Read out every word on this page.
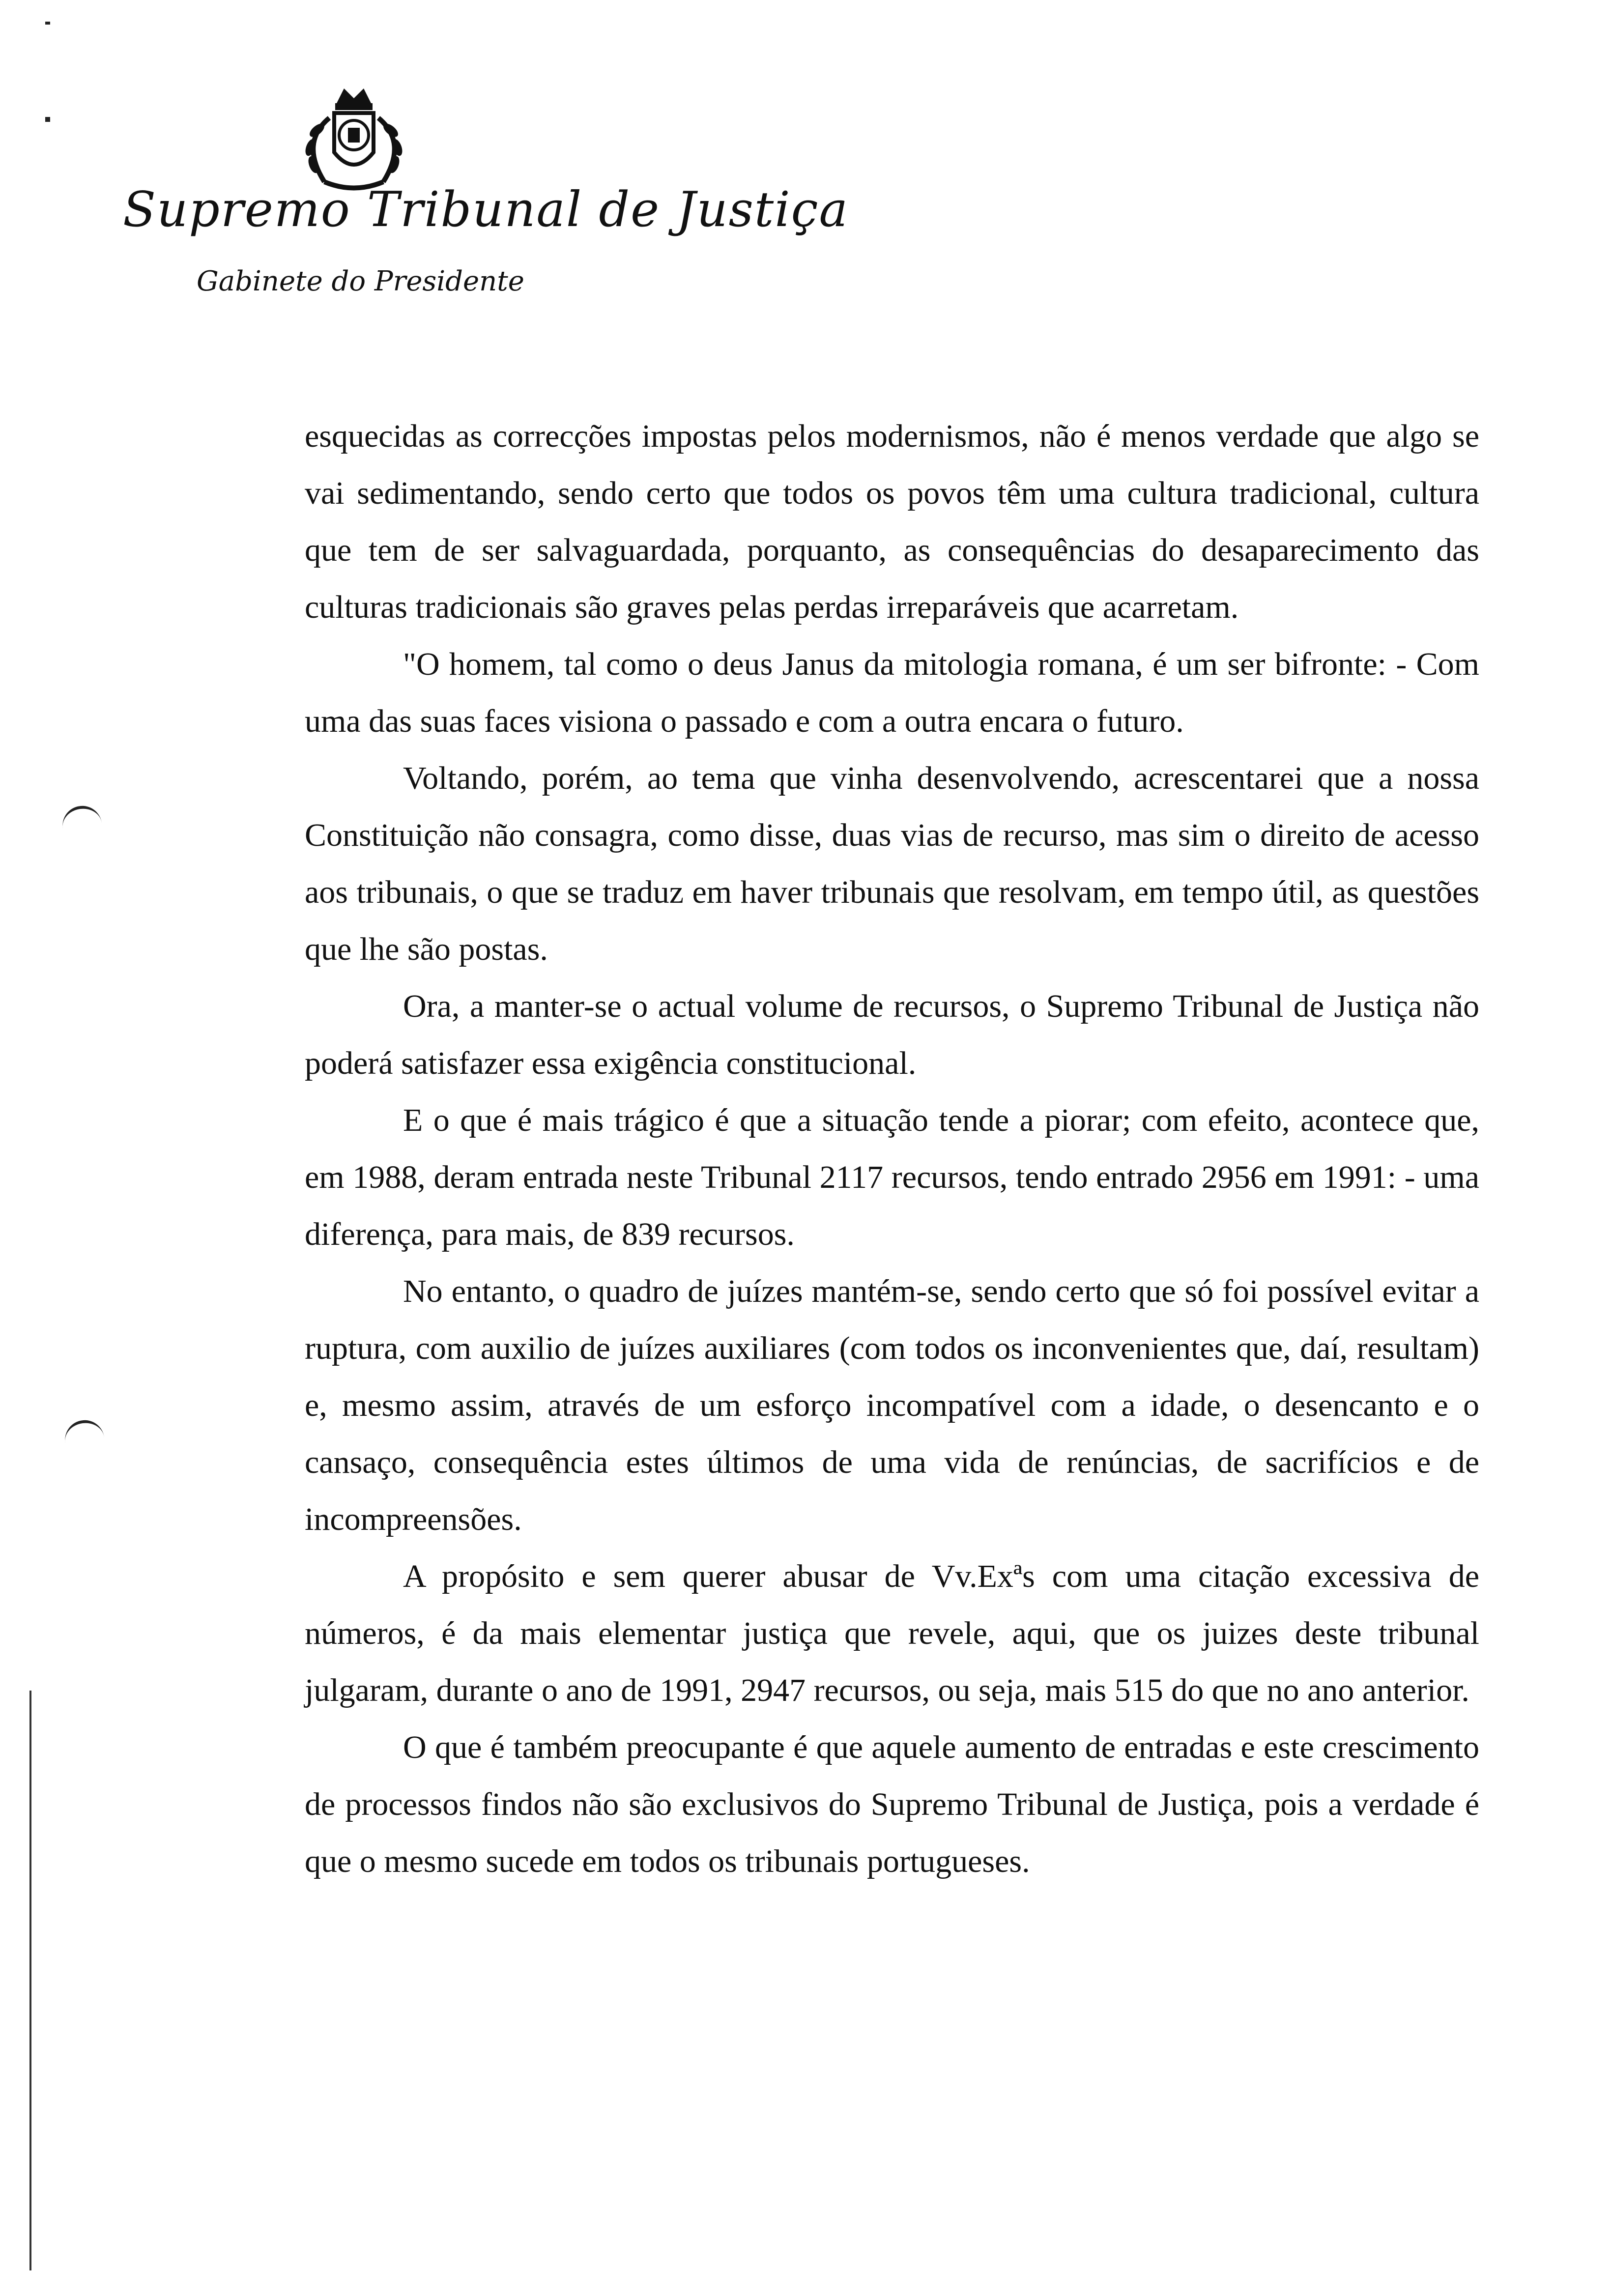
Supremo Tribunal de Justiça
Gabinete do Presidente

esquecidas as correcções impostas pelos modernismos, não é menos verdade que algo se vai sedimentando, sendo certo que todos os povos têm uma cultura tradicional, cultura que tem de ser salvaguardada, porquanto, as consequências do desaparecimento das culturas tradicionais são graves pelas perdas irreparáveis que acarretam.

"O homem, tal como o deus Janus da mitologia romana, é um ser bifronte: - Com uma das suas faces visiona o passado e com a outra encara o futuro.

Voltando, porém, ao tema que vinha desenvolvendo, acrescentarei que a nossa Constituição não consagra, como disse, duas vias de recurso, mas sim o direito de acesso aos tribunais, o que se traduz em haver tribunais que resolvam, em tempo útil, as questões que lhe são postas.

Ora, a manter-se o actual volume de recursos, o Supremo Tribunal de Justiça não poderá satisfazer essa exigência constitucional.

E o que é mais trágico é que a situação tende a piorar; com efeito, acontece que, em 1988, deram entrada neste Tribunal 2117 recursos, tendo entrado 2956 em 1991: - uma diferença, para mais, de 839 recursos.

No entanto, o quadro de juízes mantém-se, sendo certo que só foi possível evitar a ruptura, com auxilio de juízes auxiliares (com todos os inconvenientes que, daí, resultam) e, mesmo assim, através de um esforço incompatível com a idade, o desencanto e o cansaço, consequência estes últimos de uma vida de renúncias, de sacrifícios e de incompreensões.

A propósito e sem querer abusar de Vv.Exªs com uma citação excessiva de números, é da mais elementar justiça que revele, aqui, que os juizes deste tribunal julgaram, durante o ano de 1991, 2947 recursos, ou seja, mais 515 do que no ano anterior.

O que é também preocupante é que aquele aumento de entradas e este crescimento de processos findos não são exclusivos do Supremo Tribunal de Justiça, pois a verdade é que o mesmo sucede em todos os tribunais portugueses.
